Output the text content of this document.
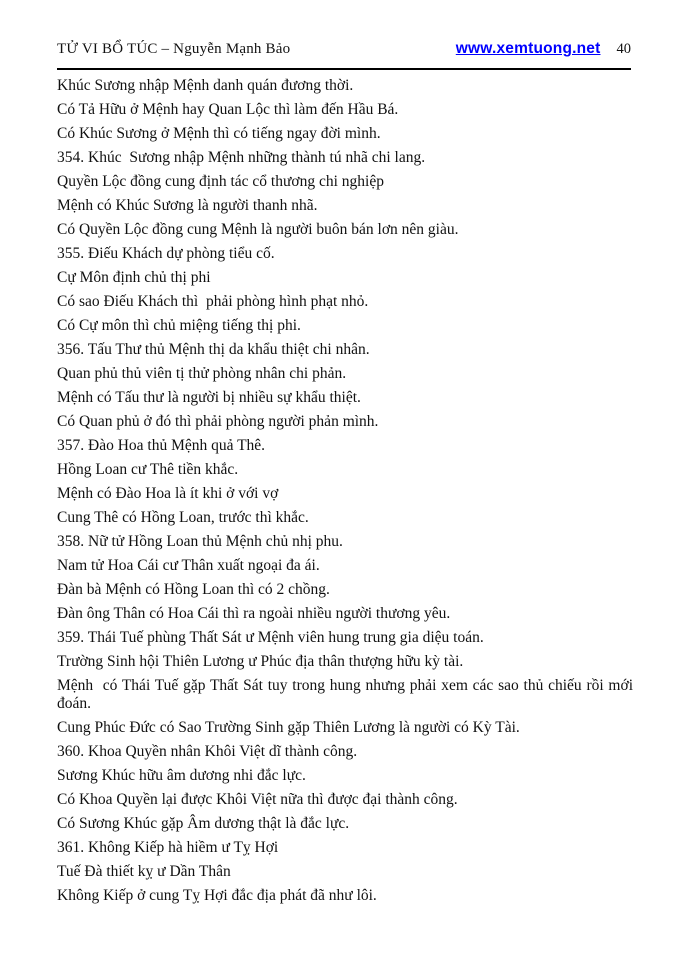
TỬ VI BỔ TÚC – Nguyễn Mạnh Bảo	www.xemtuong.net 40

Khúc Sương nhập Mệnh danh quán đương thời.

Có Tả Hữu ở Mệnh hay Quan Lộc thì làm đến Hầu Bá.

Có Khúc Sương ở Mệnh thì có tiếng ngay đời mình.

354. Khúc  Sương nhập Mệnh những thành tú nhã chi lang.

Quyền Lộc đồng cung định tác cổ thương chi nghiệp

Mệnh có Khúc Sương là người thanh nhã.

Có Quyền Lộc đồng cung Mệnh là người buôn bán lơn nên giàu.

355. Điếu Khách dự phòng tiểu cố.

Cự Môn định chủ thị phi

Có sao Điếu Khách thì  phải phòng hình phạt nhỏ.

Có Cự môn thì chủ miệng tiếng thị phi.

356. Tấu Thư thủ Mệnh thị da khẩu thiệt chi nhân.

Quan phủ thủ viên tị thử phòng nhân chi phản.

Mệnh có Tấu thư là người bị nhiều sự khẩu thiệt.

Có Quan phủ ở đó thì phải phòng người phản mình.

357. Đào Hoa thủ Mệnh quả Thê.

Hồng Loan cư Thê tiền khắc.

Mệnh có Đào Hoa là ít khi ở với vợ

Cung Thê có Hồng Loan, trước thì khắc.

358. Nữ tử Hồng Loan thủ Mệnh chủ nhị phu.

Nam tử Hoa Cái cư Thân xuất ngoại đa ái.

Đàn bà Mệnh có Hồng Loan thì có 2 chồng.

Đàn ông Thân có Hoa Cái thì ra ngoài nhiều người thương yêu.

359. Thái Tuế phùng Thất Sát ư Mệnh viên hung trung gia diệu toán.

Trường Sinh hội Thiên Lương ư Phúc địa thân thượng hữu kỳ tài.

Mệnh  có Thái Tuế gặp Thất Sát tuy trong hung nhưng phải xem các sao thủ chiếu rồi mới đoán.

Cung Phúc Đức có Sao Trường Sinh gặp Thiên Lương là người có Kỳ Tài.

360. Khoa Quyền nhân Khôi Việt dĩ thành công.

Sương Khúc hữu âm dương nhi đắc lực.

Có Khoa Quyền lại được Khôi Việt nữa thì được đại thành công.

Có Sương Khúc gặp Âm dương thật là đắc lực.

361. Không Kiếp hà hiềm ư Tỵ Hợi

Tuế Đà thiết kỵ ư Dần Thân

Không Kiếp ở cung Tỵ Hợi đắc địa phát đã như lôi.
